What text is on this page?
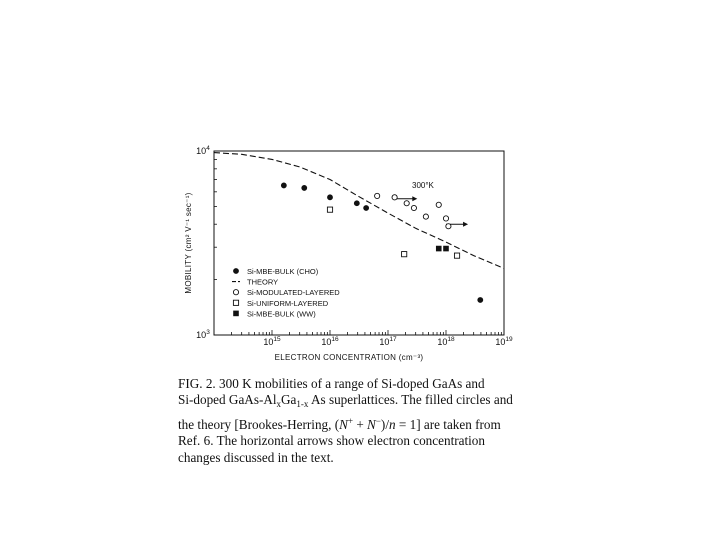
$10^3$
$10^4$
$10^{15}$	$10^{16}$	$10^{17}$	$10^{18}$	$10^{19}$
MOBILITY (cm² V⁻¹ sec⁻¹)
ELECTRON CONCENTRATION (cm⁻³)
300°K
Si-MBE-BULK (CHO)
THEORY
Si-MODULATED-LAYERED
Si-UNIFORM-LAYERED
Si-MBE-BULK (WW)
FIG. 2. 300 K mobilities of a range of Si-doped GaAs and
Si-doped GaAs-$Al_xGa_{1-x}$ As superlattices. The filled circles and
the theory [Brookes-Herring, (N+ + N−)/n = 1] are taken from
Ref. 6. The horizontal arrows show electron concentration
changes discussed in the text.
